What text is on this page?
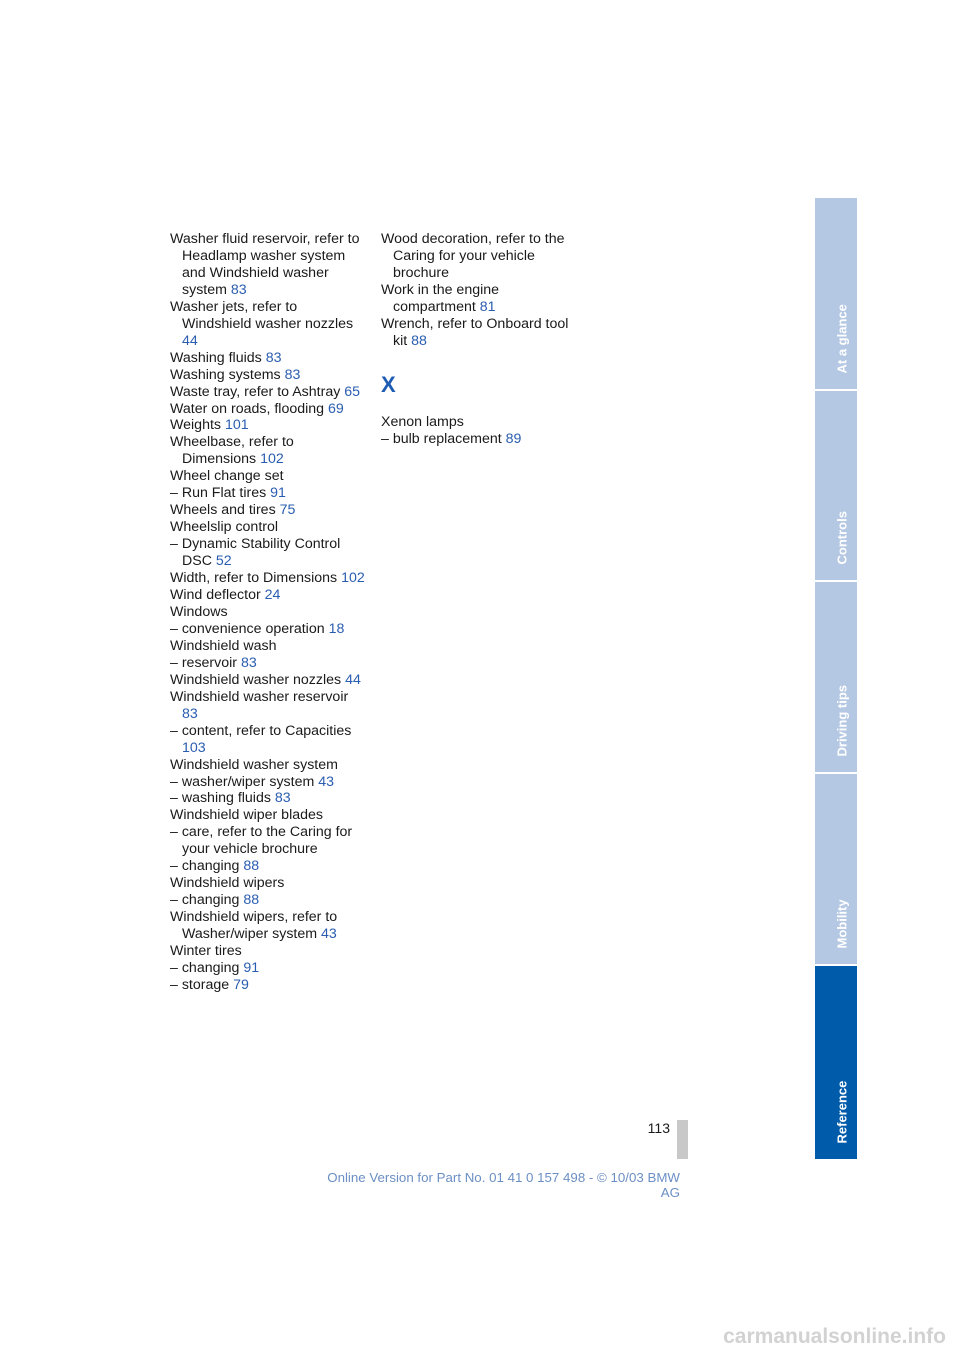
Washer fluid reservoir, refer to Headlamp washer system and Windshield washer system 83
Washer jets, refer to Windshield washer nozzles 44
Washing fluids 83
Washing systems 83
Waste tray, refer to Ashtray 65
Water on roads, flooding 69
Weights 101
Wheelbase, refer to Dimensions 102
Wheel change set
– Run Flat tires 91
Wheels and tires 75
Wheelslip control
– Dynamic Stability Control DSC 52
Width, refer to Dimensions 102
Wind deflector 24
Windows
– convenience operation 18
Windshield wash
– reservoir 83
Windshield washer nozzles 44
Windshield washer reservoir 83
– content, refer to Capacities 103
Windshield washer system
– washer/wiper system 43
– washing fluids 83
Windshield wiper blades
– care, refer to the Caring for your vehicle brochure
– changing 88
Windshield wipers
– changing 88
Windshield wipers, refer to Washer/wiper system 43
Winter tires
– changing 91
– storage 79
Wood decoration, refer to the Caring for your vehicle brochure
Work in the engine compartment 81
Wrench, refer to Onboard tool kit 88
X
Xenon lamps
– bulb replacement 89
At a glance
Controls
Driving tips
Mobility
Reference
113
Online Version for Part No. 01 41 0 157 498 - © 10/03 BMW AG
carmanualsonline.info
